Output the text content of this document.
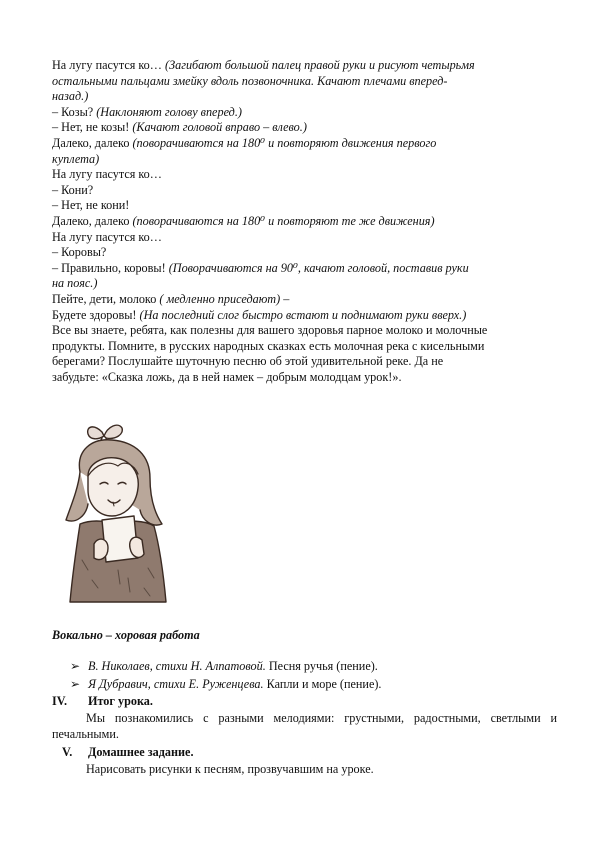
На лугу пасутся ко… (Загибают большой палец правой руки и рисуют четырьмя
остальными пальцами змейку вдоль позвоночника. Качают плечами вперед-
назад.)
– Козы? (Наклоняют голову вперед.)
– Нет, не козы! (Качают головой вправо – влево.)
Далеко, далеко (поворачиваются на 180⁰ и повторяют движения первого
куплета)
На лугу пасутся ко…
– Кони?
– Нет, не кони!
Далеко, далеко (поворачиваются на 180⁰ и повторяют те же движения)
На лугу пасутся ко…
– Коровы?
– Правильно, коровы! (Поворачиваются на 90⁰, качают головой, поставив руки
на пояс.)
Пейте, дети, молоко ( медленно приседают) –
Будете здоровы! (На последний слог быстро встают и поднимают руки вверх.)
Все вы знаете, ребята, как полезны для вашего здоровья парное молоко и молочные
продукты. Помните, в русских народных сказках есть молочная река с кисельными
берегами? Послушайте шуточную песню об этой удивительной реке. Да не
забудьте: «Сказка ложь, да в ней намек – добрым молодцам урок!».
Вокально – хоровая работа
➢ В. Николаев, стихи Н. Алпатовой. Песня ручья (пение).
➢ Я Дубравич, стихи Е. Руженцева. Капли и море (пение).
IV. Итог урока.
Мы познакомились с разными мелодиями: грустными, радостными, светлыми и печальными.
V. Домашнее задание.
Нарисовать рисунки к песням, прозвучавшим на уроке.
